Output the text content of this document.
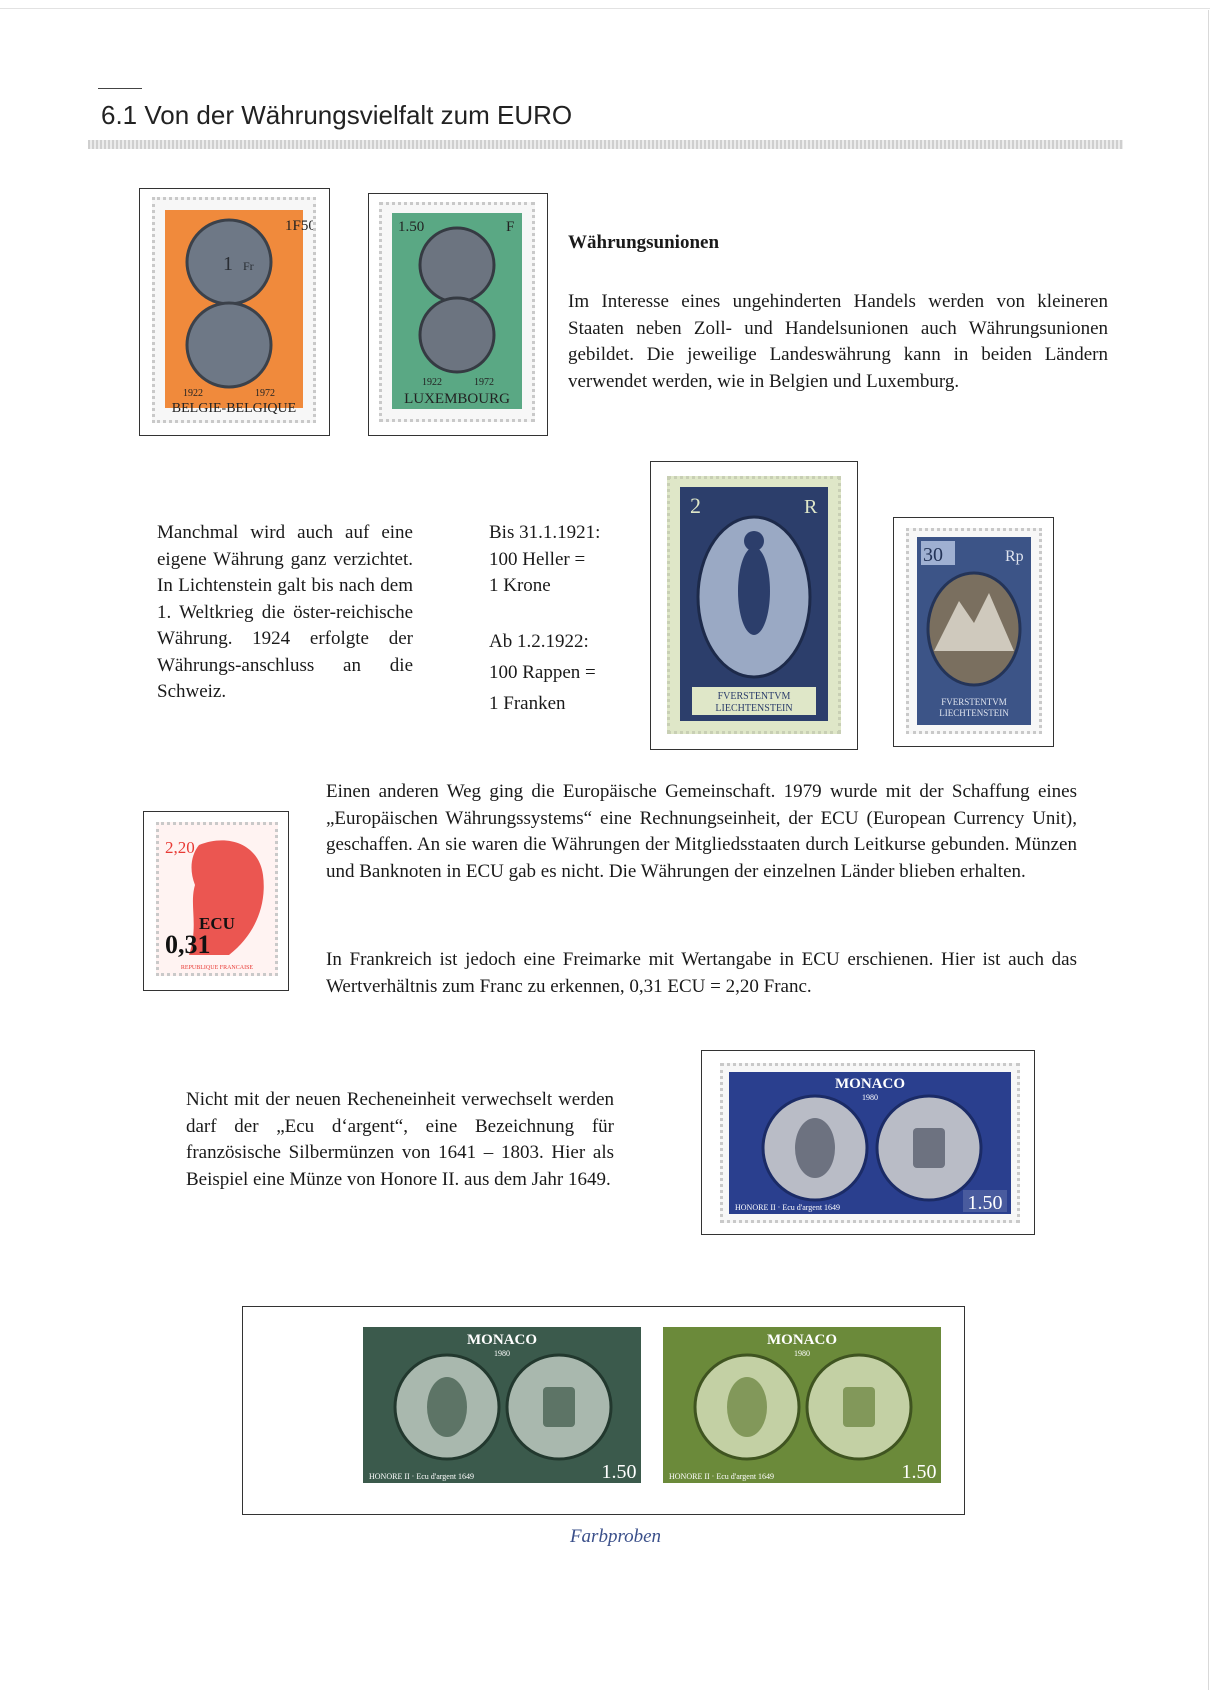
6.1 Von der Währungsvielfalt zum EURO
1 Fr
1F50
1922	1972
BELGIE-BELGIQUE
1.50	F
1922	1972
LUXEMBOURG
Währungsunionen
Im Interesse eines ungehinderten Handels werden von kleineren Staaten neben Zoll- und Handelsunionen auch Währungsunionen gebildet. Die jeweilige Landeswährung kann in beiden Ländern verwendet werden, wie in Belgien und Luxemburg.
Manchmal wird auch auf eine eigene Währung ganz verzichtet. In Lichtenstein galt bis nach dem 1. Weltkrieg die öster-reichische Währung. 1924 erfolgte der Währungs-anschluss an die Schweiz.

Bis 31.1.1921:

100 Heller =

1 Krone

Ab 1.2.1922:

100 Rappen =

1 Franken

2	R
FVERSTENTVM
LIECHTENSTEIN
30	Rp
FVERSTENTVM
LIECHTENSTEIN
2,20
ECU
0,31
REPUBLIQUE FRANCAISE
Einen anderen Weg ging die Europäische Gemeinschaft. 1979 wurde mit der Schaffung eines „Europäischen Währungssystems“ eine Rechnungseinheit, der ECU (European Currency Unit), geschaffen. An sie waren die Währungen der Mitgliedsstaaten durch Leitkurse gebunden. Münzen und Banknoten in ECU gab es nicht. Die Währungen der einzelnen Länder blieben erhalten.
In Frankreich ist jedoch eine Freimarke mit Wertangabe in ECU erschienen. Hier ist auch das Wertverhältnis zum Franc zu erkennen, 0,31 ECU = 2,20 Franc.
Nicht mit der neuen Recheneinheit verwechselt werden darf der „Ecu d‘argent“, eine Bezeichnung für französische Silbermünzen von 1641 – 1803. Hier als Beispiel eine Münze von Honore II. aus dem Jahr 1649.
MONACO
1980
HONORE II · Ecu d'argent 1649	1.50
MONACO
1980
HONORE II · Ecu d'argent 1649	1.50
MONACO
1980
HONORE II · Ecu d'argent 1649	1.50
Farbproben
